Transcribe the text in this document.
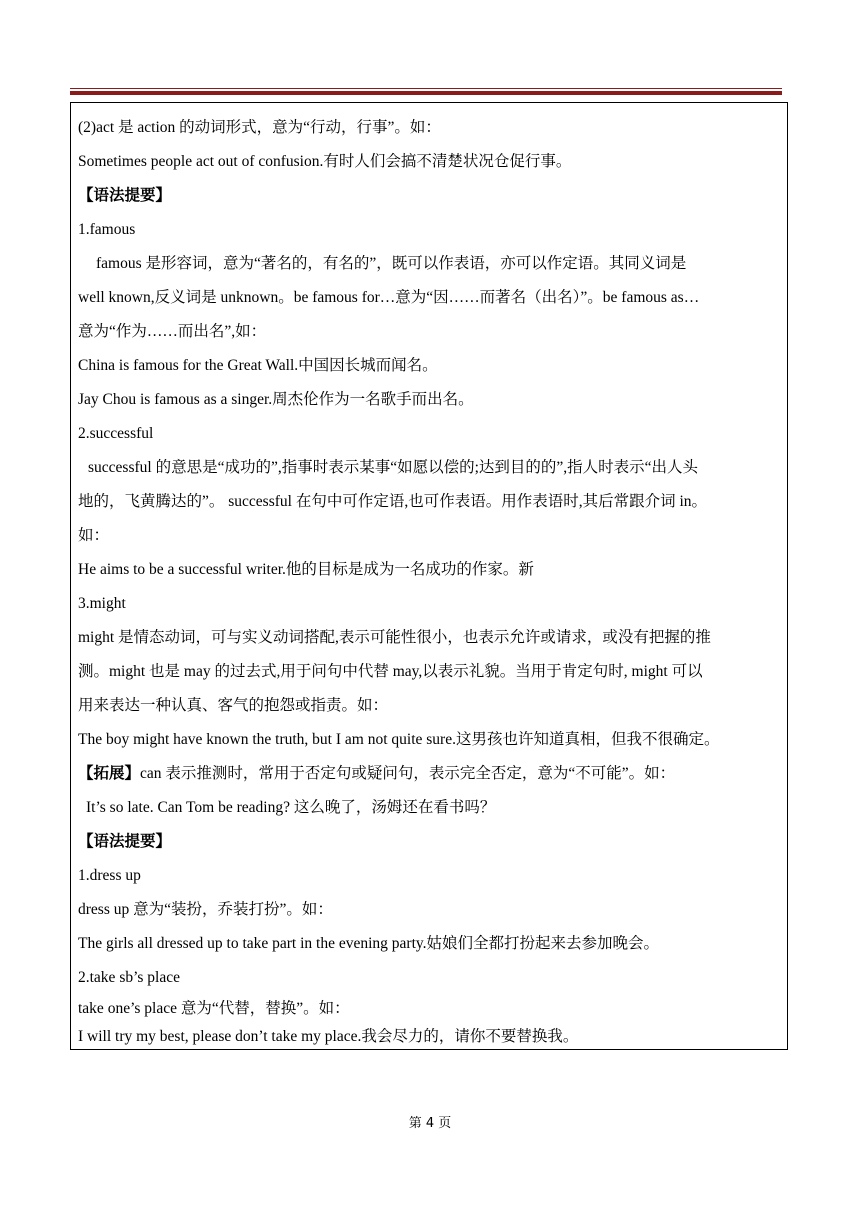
(2)act 是 action 的动词形式，意为“行动，行事”。如：
Sometimes people act out of confusion.有时人们会搞不清楚状况仓促行事。
【语法提要】
1.famous
famous 是形容词，意为“著名的，有名的”，既可以作表语，亦可以作定语。其同义词是
well known,反义词是 unknown。be famous for…意为“因……而著名（出名）”。be famous as…
意为“作为……而出名”,如：
China is famous for the Great Wall.中国因长城而闻名。
Jay Chou is famous as a singer.周杰伦作为一名歌手而出名。
2.successful
successful 的意思是“成功的”,指事时表示某事“如愿以偿的;达到目的的”,指人时表示“出人头
地的，飞黄腾达的”。 successful 在句中可作定语,也可作表语。用作表语时,其后常跟介词 in。
如：
He aims to be a successful writer.他的目标是成为一名成功的作家。新
3.might
might 是情态动词，可与实义动词搭配,表示可能性很小，也表示允许或请求，或没有把握的推
测。might 也是 may 的过去式,用于问句中代替 may,以表示礼貌。当用于肯定句时, might 可以
用来表达一种认真、客气的抱怨或指责。如：
The boy might have known the truth, but I am not quite sure.这男孩也许知道真相，但我不很确定。
【拓展】can 表示推测时，常用于否定句或疑问句，表示完全否定，意为“不可能”。如：
It’s so late. Can Tom be reading? 这么晚了，汤姆还在看书吗？
【语法提要】
1.dress up
dress up 意为“装扮，乔装打扮”。如：
The girls all dressed up to take part in the evening party.姑娘们全都打扮起来去参加晚会。
2.take sb’s place
take one’s place 意为“代替，替换”。如：
I will try my best, please don’t take my place.我会尽力的，请你不要替换我。
第 4 页
